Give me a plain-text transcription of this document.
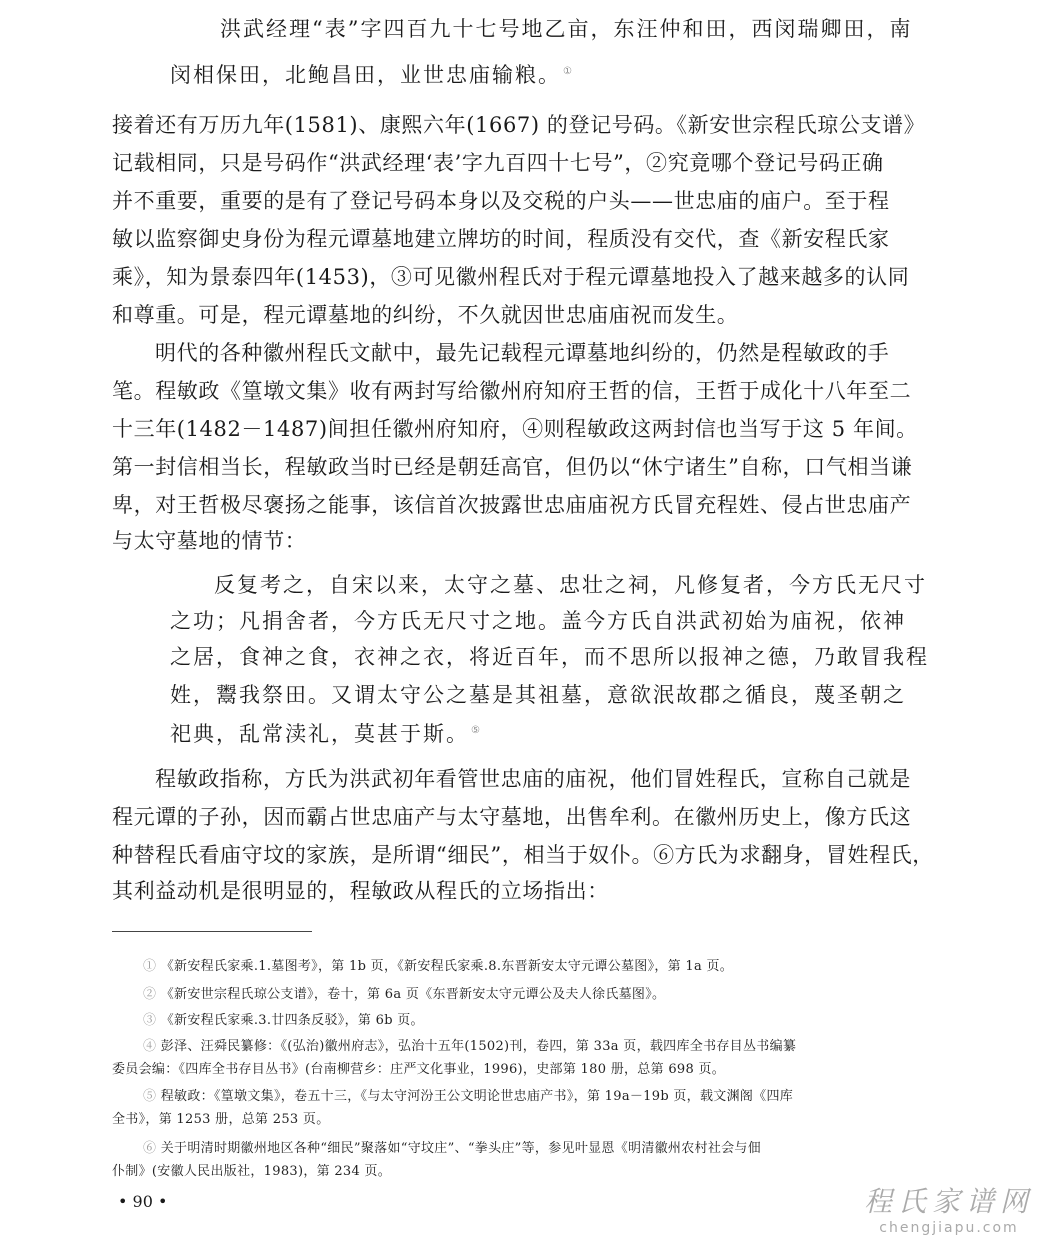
洪武经理“表”字四百九十七号地乙亩，东汪仲和田，西闵瑞卿田，南
闵相保田，北鲍昌田，业世忠庙输粮。 ①
接着还有万历九年(1581)、康熙六年(1667) 的登记号码。《新安世宗程氏琼公支谱》
记载相同，只是号码作“洪武经理‘表’字九百四十七号”，②究竟哪个登记号码正确
并不重要，重要的是有了登记号码本身以及交税的户头——世忠庙的庙户。至于程
敏以监察御史身份为程元谭墓地建立牌坊的时间，程质没有交代，查《新安程氏家
乘》，知为景泰四年(1453)，③可见徽州程氏对于程元谭墓地投入了越来越多的认同
和尊重。可是，程元谭墓地的纠纷，不久就因世忠庙庙祝而发生。
明代的各种徽州程氏文献中，最先记载程元谭墓地纠纷的，仍然是程敏政的手
笔。程敏政《篁墩文集》收有两封写给徽州府知府王哲的信，王哲于成化十八年至二
十三年(1482－1487)间担任徽州府知府，④则程敏政这两封信也当写于这 5 年间。
第一封信相当长，程敏政当时已经是朝廷高官，但仍以“休宁诸生”自称，口气相当谦
卑，对王哲极尽褒扬之能事，该信首次披露世忠庙庙祝方氏冒充程姓、侵占世忠庙产
与太守墓地的情节：
反复考之，自宋以来，太守之墓、忠壮之祠，凡修复者，今方氏无尺寸
之功；凡捐舍者，今方氏无尺寸之地。盖今方氏自洪武初始为庙祝，依神
之居，食神之食，衣神之衣，将近百年，而不思所以报神之德，乃敢冒我程
姓，鬻我祭田。又谓太守公之墓是其祖墓，意欲泯故郡之循良，蔑圣朝之
祀典，乱常渎礼，莫甚于斯。 ⑤
程敏政指称，方氏为洪武初年看管世忠庙的庙祝，他们冒姓程氏，宣称自己就是
程元谭的子孙，因而霸占世忠庙产与太守墓地，出售牟利。在徽州历史上，像方氏这
种替程氏看庙守坟的家族，是所谓“细民”，相当于奴仆。⑥方氏为求翻身，冒姓程氏，
其利益动机是很明显的，程敏政从程氏的立场指出：
① 《新安程氏家乘.1.墓图考》，第 1b 页，《新安程氏家乘.8.东晋新安太守元谭公墓图》，第 1a 页。
② 《新安世宗程氏琼公支谱》，卷十，第 6a 页《东晋新安太守元谭公及夫人徐氏墓图》。
③ 《新安程氏家乘.3.廿四条反驳》，第 6b 页。
④ 彭泽、汪舜民纂修：《(弘治)徽州府志》，弘治十五年(1502)刊，卷四，第 33a 页，载四库全书存目丛书编纂
委员会编：《四库全书存目丛书》(台南柳营乡：庄严文化事业，1996)，史部第 180 册，总第 698 页。
⑤ 程敏政：《篁墩文集》，卷五十三，《与太守河汾王公文明论世忠庙产书》，第 19a－19b 页，载文渊阁《四库
全书》，第 1253 册，总第 253 页。
⑥ 关于明清时期徽州地区各种“细民”聚落如“守坟庄”、“拳头庄”等，参见叶显恩《明清徽州农村社会与佃
仆制》(安徽人民出版社，1983)，第 234 页。
• 90 •	程氏家谱网
chengjiapu.com
